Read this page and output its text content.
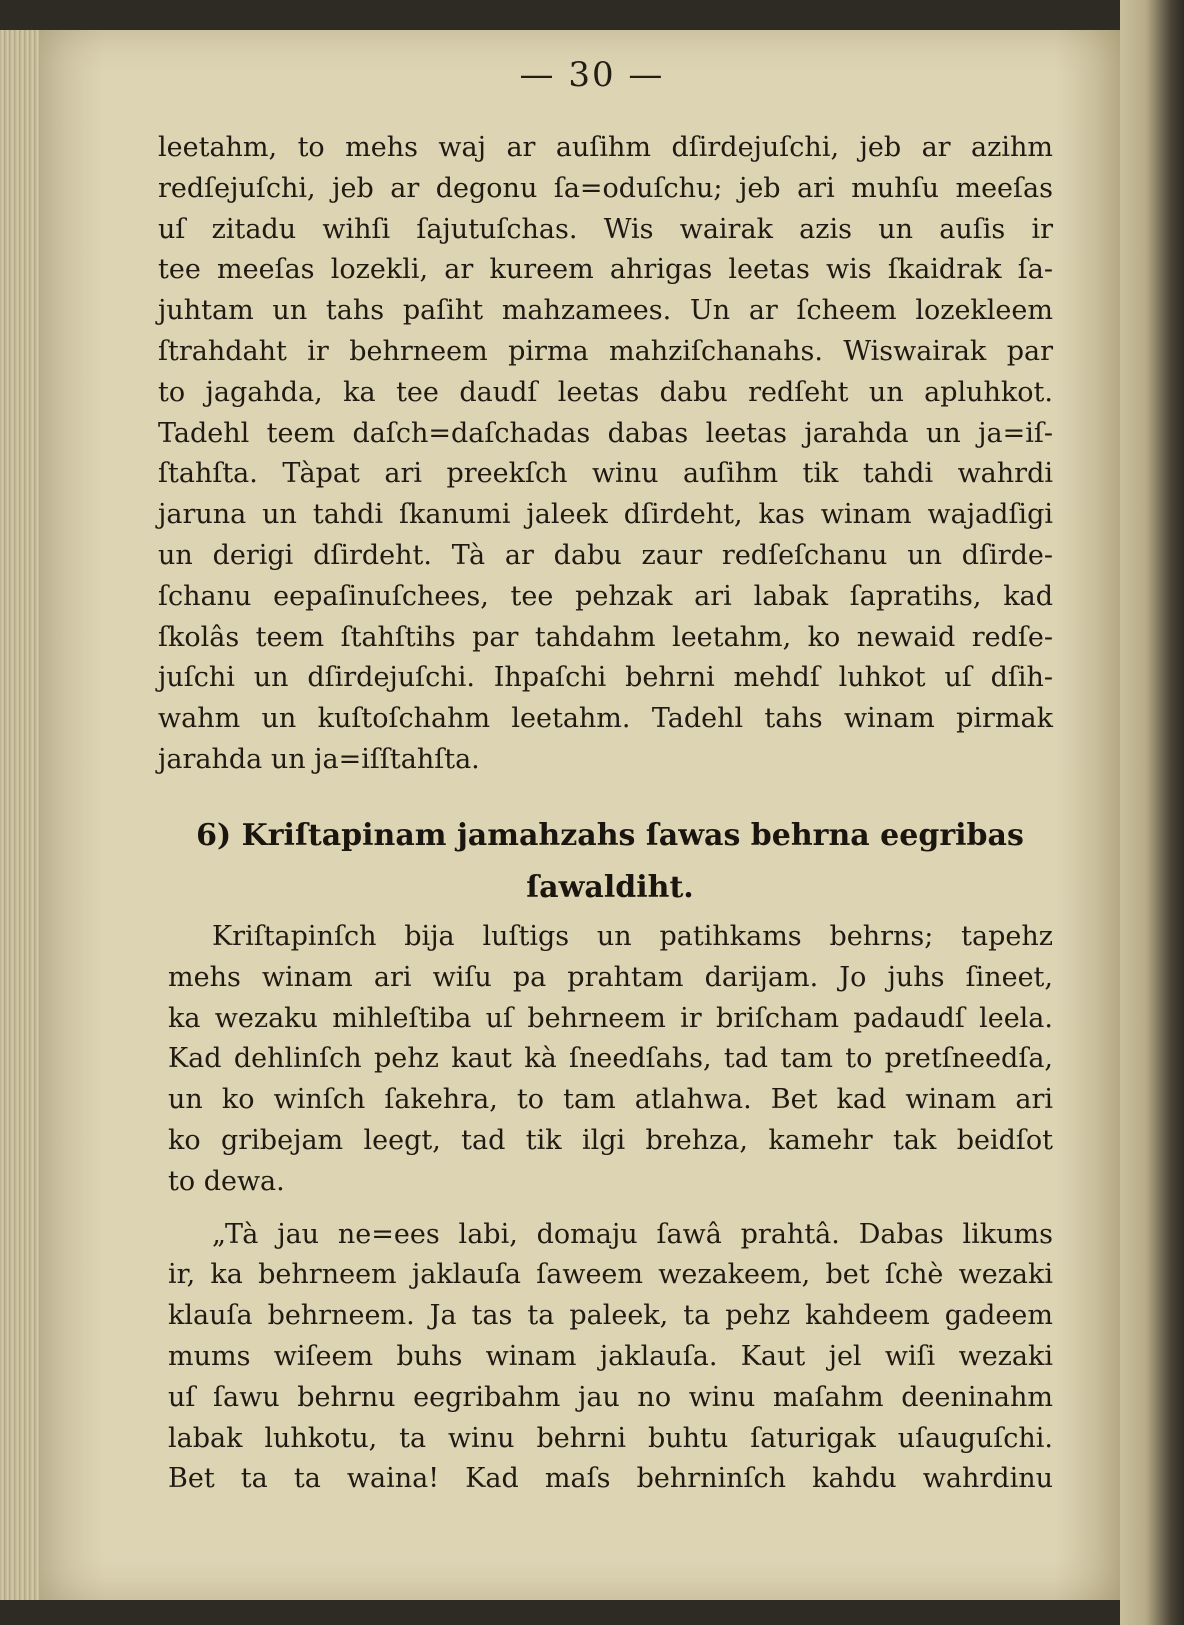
— 30 —
leetahm, to mehs waj ar auſihm dſirdejuſchi, jeb ar azihm
redſejuſchi, jeb ar degonu ſa=oduſchu; jeb ari muhſu meeſas
uſ zitadu wihſi ſajutuſchas. Wis wairak azis un auſis ir
tee meeſas lozekli, ar kureem ahrigas leetas wis ſkaidrak ſa-
juhtam un tahs paſiht mahzamees. Un ar ſcheem lozekleem
ſtrahdaht ir behrneem pirma mahziſchanahs. Wiswairak par
to jagahda, ka tee daudſ leetas dabu redſeht un apluhkot.
Tadehl teem daſch=daſchadas dabas leetas jarahda un ja=iſ-
ſtahſta. Tàpat ari preekſch winu auſihm tik tahdi wahrdi
jaruna un tahdi ſkanumi jaleek dſirdeht, kas winam wajadſigi
un derigi dſirdeht. Tà ar dabu zaur redſeſchanu un dſirde-
ſchanu eepaſinuſchees, tee pehzak ari labak ſapratihs, kad
ſkolâs teem ſtahſtihs par tahdahm leetahm, ko newaid redſe-
juſchi un dſirdejuſchi. Ihpaſchi behrni mehdſ luhkot uſ dſih-
wahm un kuſtoſchahm leetahm. Tadehl tahs winam pirmak
jarahda un ja=iſſtahſta.
6) Kriſtapinam jamahzahs ſawas behrna eegribas
ſawaldiht.
Kriſtapinſch bija luſtigs un patihkams behrns; tapehz
mehs winam ari wiſu pa prahtam darijam. Jo juhs ſineet,
ka wezaku mihleſtiba uſ behrneem ir briſcham padaudſ leela.
Kad dehlinſch pehz kaut kà ſneedſahs, tad tam to pretſneedſa,
un ko winſch ſakehra, to tam atlahwa. Bet kad winam ari
ko gribejam leegt, tad tik ilgi brehza, kamehr tak beidſot
to dewa.
„Tà jau ne=ees labi, domaju ſawâ prahtâ. Dabas likums
ir, ka behrneem jaklauſa ſaweem wezakeem, bet ſchè wezaki
klauſa behrneem. Ja tas ta paleek, ta pehz kahdeem gadeem
mums wiſeem buhs winam jaklauſa. Kaut jel wiſi wezaki
uſ ſawu behrnu eegribahm jau no winu maſahm deeninahm
labak luhkotu, ta winu behrni buhtu ſaturigak uſauguſchi.
Bet ta ta waina! Kad maſs behrninſch kahdu wahrdinu
